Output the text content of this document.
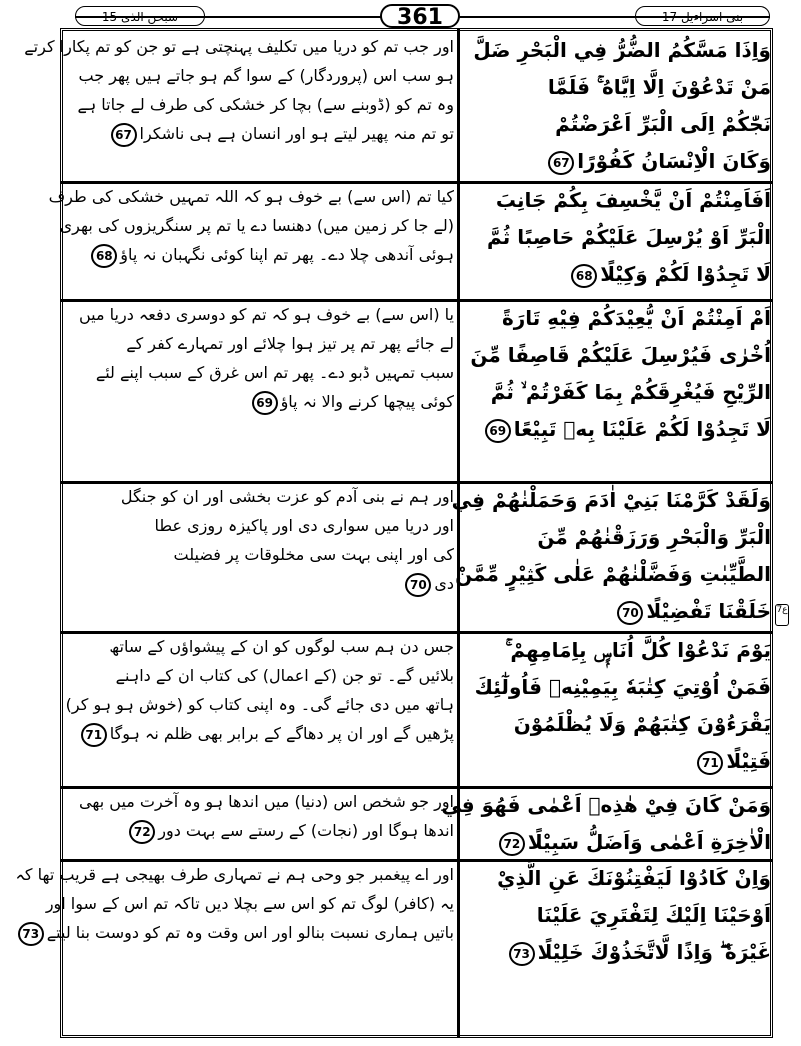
سبحن الذی 15	361	بنی اسراءیل 17
ع7
وَاِذَا مَسَّكُمُ الضُّرُّ فِي الْبَحْرِ ضَلَّ
مَنْ تَدْعُوْنَ اِلَّا اِيَّاهُ ۚ فَلَمَّا
نَجّٰكُمْ اِلَى الْبَرِّ اَعْرَضْتُمْ
وَكَانَ الْاِنْسَانُ كَفُوْرًا67
اور جب تم کو دریا میں تکلیف پہنچتی ہے تو جن کو تم پکارا کرتے
ہو سب اس (پروردگار) کے سوا گم ہو جاتے ہیں پھر جب
وہ تم کو (ڈوبنے سے) بچا کر خشکی کی طرف لے جاتا ہے
تو تم منہ پھیر لیتے ہو اور انسان ہے ہی ناشکرا67
اَفَاَمِنْتُمْ اَنْ يَّخْسِفَ بِكُمْ جَانِبَ
الْبَرِّ اَوْ يُرْسِلَ عَلَيْكُمْ حَاصِبًا ثُمَّ
لَا تَجِدُوْا لَكُمْ وَكِيْلًا68
کیا تم (اس سے) بے خوف ہو کہ اللہ تمہیں خشکی کی طرف
(لے جا کر زمین میں) دھنسا دے یا تم پر سنگریزوں کی بھری
ہوئی آندھی چلا دے۔ پھر تم اپنا کوئی نگہبان نہ پاؤ68
اَمْ اَمِنْتُمْ اَنْ يُّعِيْدَكُمْ فِيْهِ تَارَةً
اُخْرٰى فَيُرْسِلَ عَلَيْكُمْ قَاصِفًا مِّنَ
الرِّيْحِ فَيُغْرِقَكُمْ بِمَا كَفَرْتُمْ ۙ ثُمَّ
لَا تَجِدُوْا لَكُمْ عَلَيْنَا بِهٖ تَبِيْعًا69
یا (اس سے) بے خوف ہو کہ تم کو دوسری دفعہ دریا میں
لے جائے پھر تم پر تیز ہوا چلائے اور تمہارے کفر کے
سبب تمہیں ڈبو دے۔ پھر تم اس غرق کے سبب اپنے لئے
کوئی پیچھا کرنے والا نہ پاؤ69
وَلَقَدْ كَرَّمْنَا بَنِيْ اٰدَمَ وَحَمَلْنٰهُمْ فِي
الْبَرِّ وَالْبَحْرِ وَرَزَقْنٰهُمْ مِّنَ
الطَّيِّبٰتِ وَفَضَّلْنٰهُمْ عَلٰى كَثِيْرٍ مِّمَّنْ
خَلَقْنَا تَفْضِيْلًا70
اور ہم نے بنی آدم کو عزت بخشی اور ان کو جنگل
اور دریا میں سواری دی اور پاکیزہ روزی عطا
کی اور اپنی بہت سی مخلوقات پر فضیلت
دی70
يَوْمَ نَدْعُوْا كُلَّ اُنَاسٍۭ بِاِمَامِهِمْ ۚ
فَمَنْ اُوْتِيَ كِتٰبَهٗ بِيَمِيْنِهٖ فَاُولٰٓئِكَ
يَقْرَءُوْنَ كِتٰبَهُمْ وَلَا يُظْلَمُوْنَ
فَتِيْلًا71
جس دن ہم سب لوگوں کو ان کے پیشواؤں کے ساتھ
بلائیں گے۔ تو جن (کے اعمال) کی کتاب ان کے داہنے
ہاتھ میں دی جائے گی۔ وہ اپنی کتاب کو (خوش ہو ہو کر)
پڑھیں گے اور ان پر دھاگے کے برابر بھی ظلم نہ ہوگا71
وَمَنْ كَانَ فِيْ هٰذِهٖ اَعْمٰى فَهُوَ فِي
الْاٰخِرَةِ اَعْمٰى وَاَضَلُّ سَبِيْلًا72
اور جو شخص اس (دنیا) میں اندھا ہو وہ آخرت میں بھی
اندھا ہوگا اور (نجات) کے رستے سے بہت دور72
وَاِنْ كَادُوْا لَيَفْتِنُوْنَكَ عَنِ الَّذِيْ
اَوْحَيْنَا اِلَيْكَ لِتَفْتَرِيَ عَلَيْنَا
غَيْرَهٗ ۖ وَاِذًا لَّاتَّخَذُوْكَ خَلِيْلًا73
اور اے پیغمبر جو وحی ہم نے تمہاری طرف بھیجی ہے قریب تھا کہ
یہ (کافر) لوگ تم کو اس سے بچلا دیں تاکہ تم اس کے سوا اور
باتیں ہماری نسبت بنالو اور اس وقت وہ تم کو دوست بنا لیتے73
